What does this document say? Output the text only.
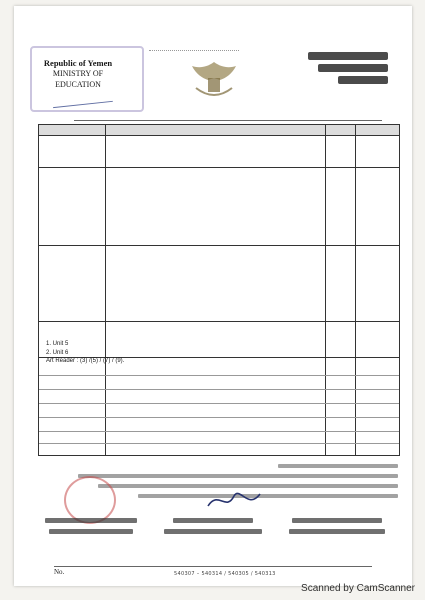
Republic of Yemen
MINISTRY OF EDUCATION
1. Unit 5
2. Unit 6
Art Reader : (3) /(5) / (7) / (9).
No.	540307 – 540314 / 540305 / 540313
Scanned by CamScanner
